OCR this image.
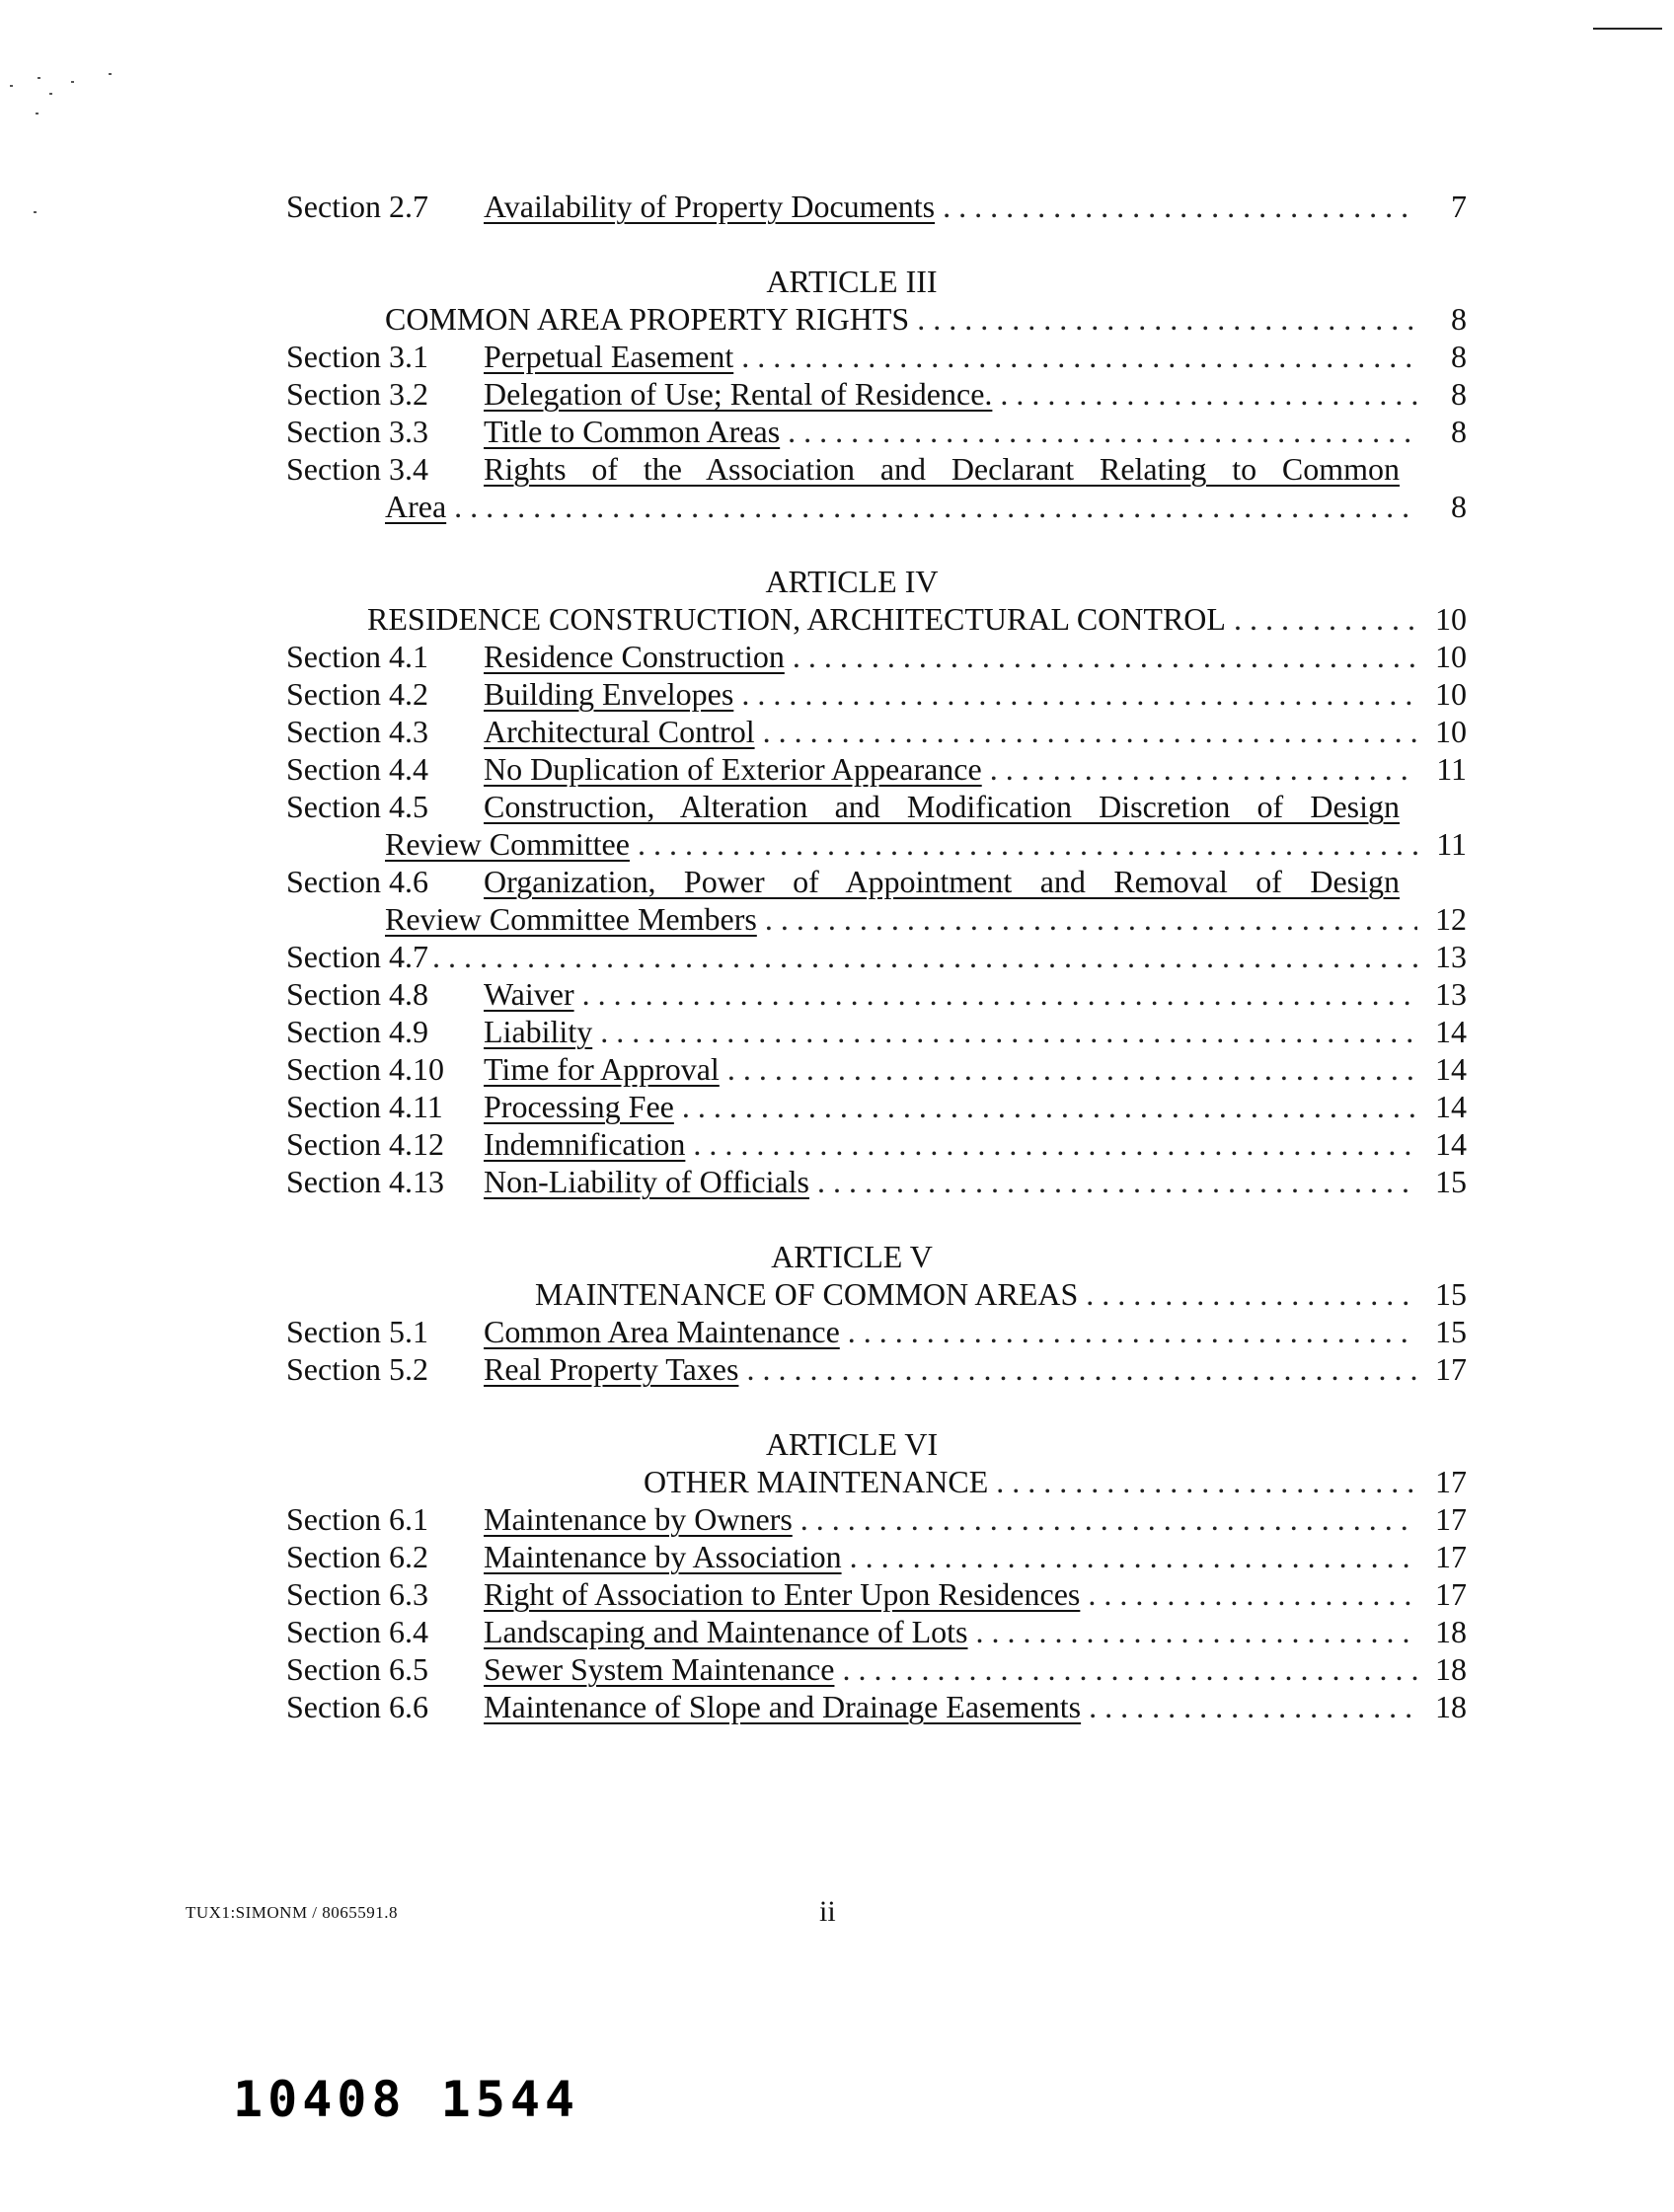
Section 2.7	Availability of Property Documents . . .	7
ARTICLE III
COMMON AREA PROPERTY RIGHTS . . .	8
Section 3.1	Perpetual Easement . . .	8
Section 3.2	Delegation of Use; Rental of Residence. . . .	8
Section 3.3	Title to Common Areas . . .	8
Section 3.4	Rights of the Association and Declarant Relating to Common
Area . . .	8
ARTICLE IV
RESIDENCE CONSTRUCTION, ARCHITECTURAL CONTROL . . .	10
Section 4.1	Residence Construction . . .	10
Section 4.2	Building Envelopes . . .	10
Section 4.3	Architectural Control . . .	10
Section 4.4	No Duplication of Exterior Appearance . . .	11
Section 4.5	Construction, Alteration and Modification Discretion of Design
Review Committee . . .	11
Section 4.6	Organization, Power of Appointment and Removal of Design
Review Committee Members . . .	12
Section 4.7 . . .	13
Section 4.8	Waiver . . .	13
Section 4.9	Liability . . .	14
Section 4.10	Time for Approval . . .	14
Section 4.11	Processing Fee . . .	14
Section 4.12	Indemnification . . .	14
Section 4.13	Non-Liability of Officials . . .	15
ARTICLE V
MAINTENANCE OF COMMON AREAS . . .	15
Section 5.1	Common Area Maintenance . . .	15
Section 5.2	Real Property Taxes . . .	17
ARTICLE VI
OTHER MAINTENANCE . . .	17
Section 6.1	Maintenance by Owners . . .	17
Section 6.2	Maintenance by Association . . .	17
Section 6.3	Right of Association to Enter Upon Residences . . .	17
Section 6.4	Landscaping and Maintenance of Lots . . .	18
Section 6.5	Sewer System Maintenance . . .	18
Section 6.6	Maintenance of Slope and Drainage Easements . . .	18
TUX1:SIMONM / 8065591.8	ii
10408 1544
